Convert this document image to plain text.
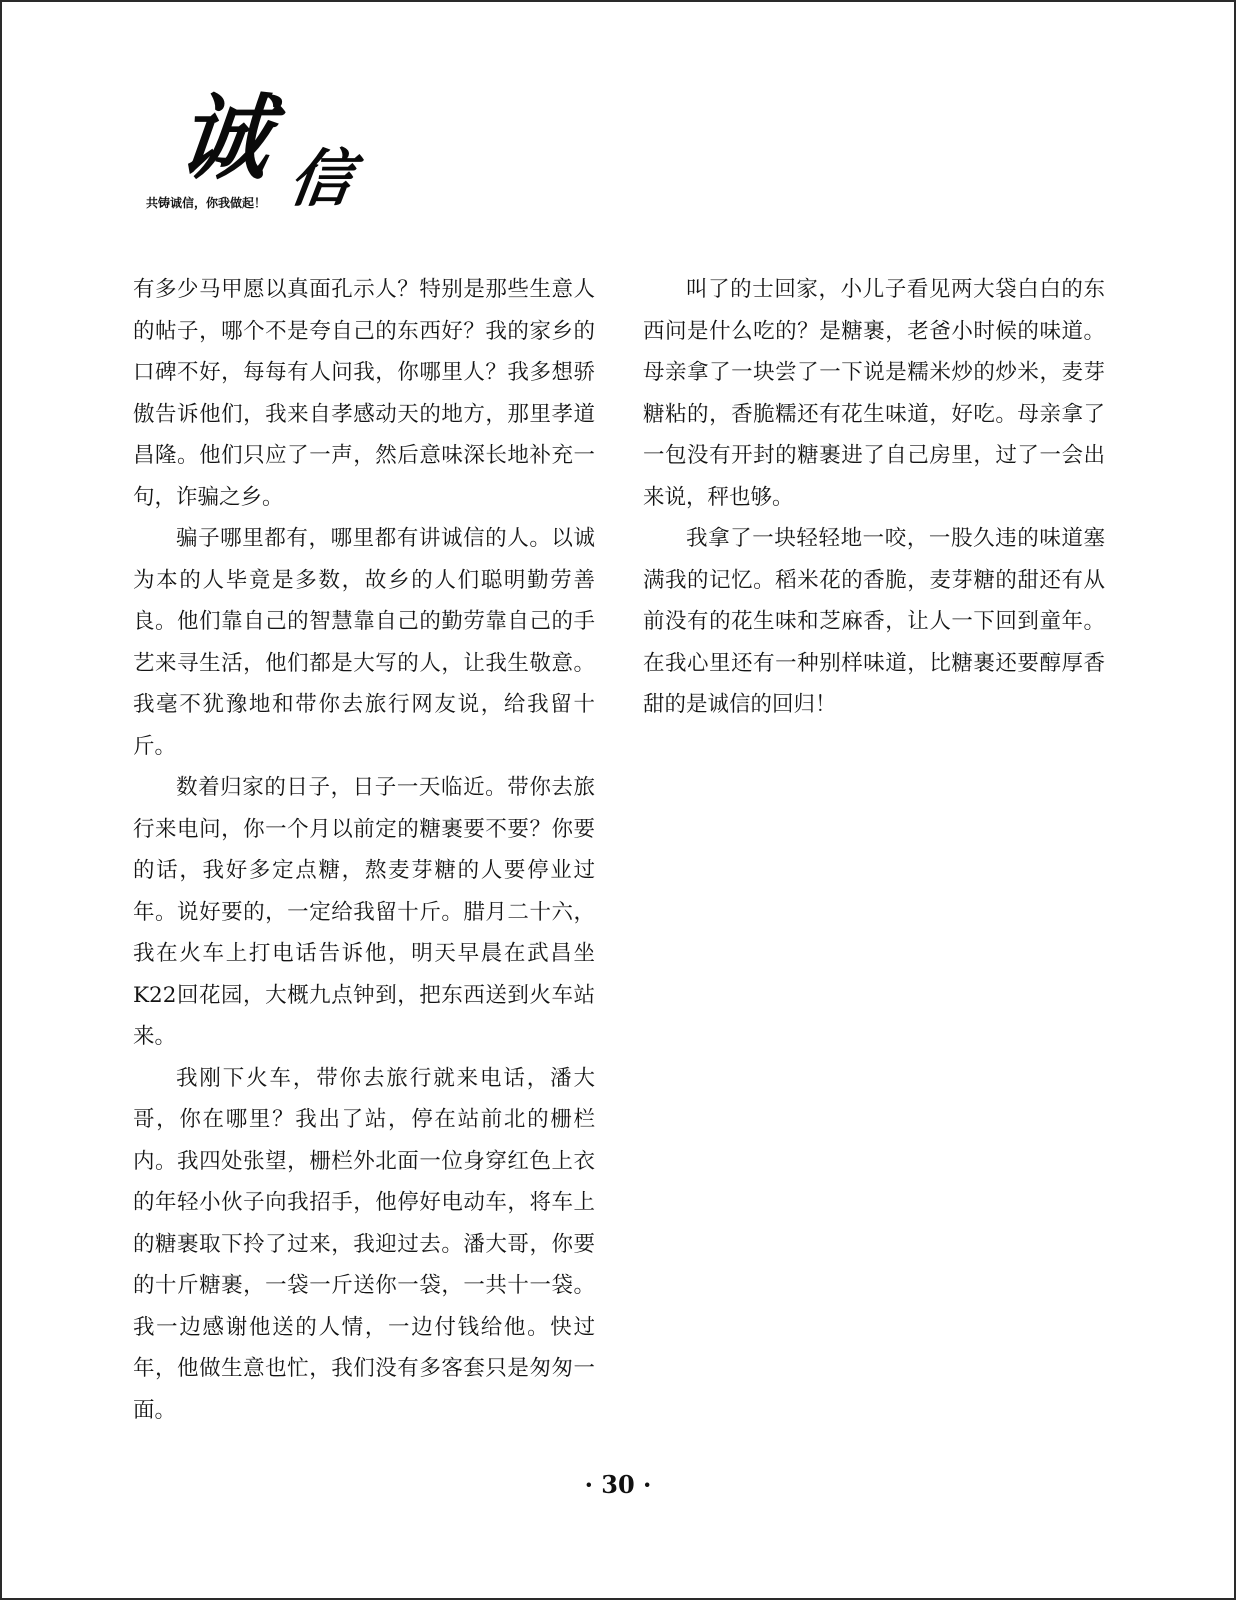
诚 信
共铸诚信，你我做起！

有多少马甲愿以真面孔示人？特别是那些生意人的帖子，哪个不是夸自己的东西好？我的家乡的口碑不好，每每有人问我，你哪里人？我多想骄傲告诉他们，我来自孝感动天的地方，那里孝道昌隆。他们只应了一声，然后意味深长地补充一句，诈骗之乡。

骗子哪里都有，哪里都有讲诚信的人。以诚为本的人毕竟是多数，故乡的人们聪明勤劳善良。他们靠自己的智慧靠自己的勤劳靠自己的手艺来寻生活，他们都是大写的人，让我生敬意。我毫不犹豫地和带你去旅行网友说，给我留十斤。

数着归家的日子，日子一天临近。带你去旅行来电问，你一个月以前定的糖裹要不要？你要的话，我好多定点糖，熬麦芽糖的人要停业过年。说好要的，一定给我留十斤。腊月二十六，我在火车上打电话告诉他，明天早晨在武昌坐K22回花园，大概九点钟到，把东西送到火车站来。

我刚下火车，带你去旅行就来电话，潘大哥，你在哪里？我出了站，停在站前北的栅栏内。我四处张望，栅栏外北面一位身穿红色上衣的年轻小伙子向我招手，他停好电动车，将车上的糖裹取下拎了过来，我迎过去。潘大哥，你要的十斤糖裹，一袋一斤送你一袋，一共十一袋。我一边感谢他送的人情，一边付钱给他。快过年，他做生意也忙，我们没有多客套只是匆匆一面。

叫了的士回家，小儿子看见两大袋白白的东西问是什么吃的？是糖裹，老爸小时候的味道。母亲拿了一块尝了一下说是糯米炒的炒米，麦芽糖粘的，香脆糯还有花生味道，好吃。母亲拿了一包没有开封的糖裹进了自己房里，过了一会出来说，秤也够。

我拿了一块轻轻地一咬，一股久违的味道塞满我的记忆。稻米花的香脆，麦芽糖的甜还有从前没有的花生味和芝麻香，让人一下回到童年。在我心里还有一种别样味道，比糖裹还要醇厚香甜的是诚信的回归！

· 30 ·
